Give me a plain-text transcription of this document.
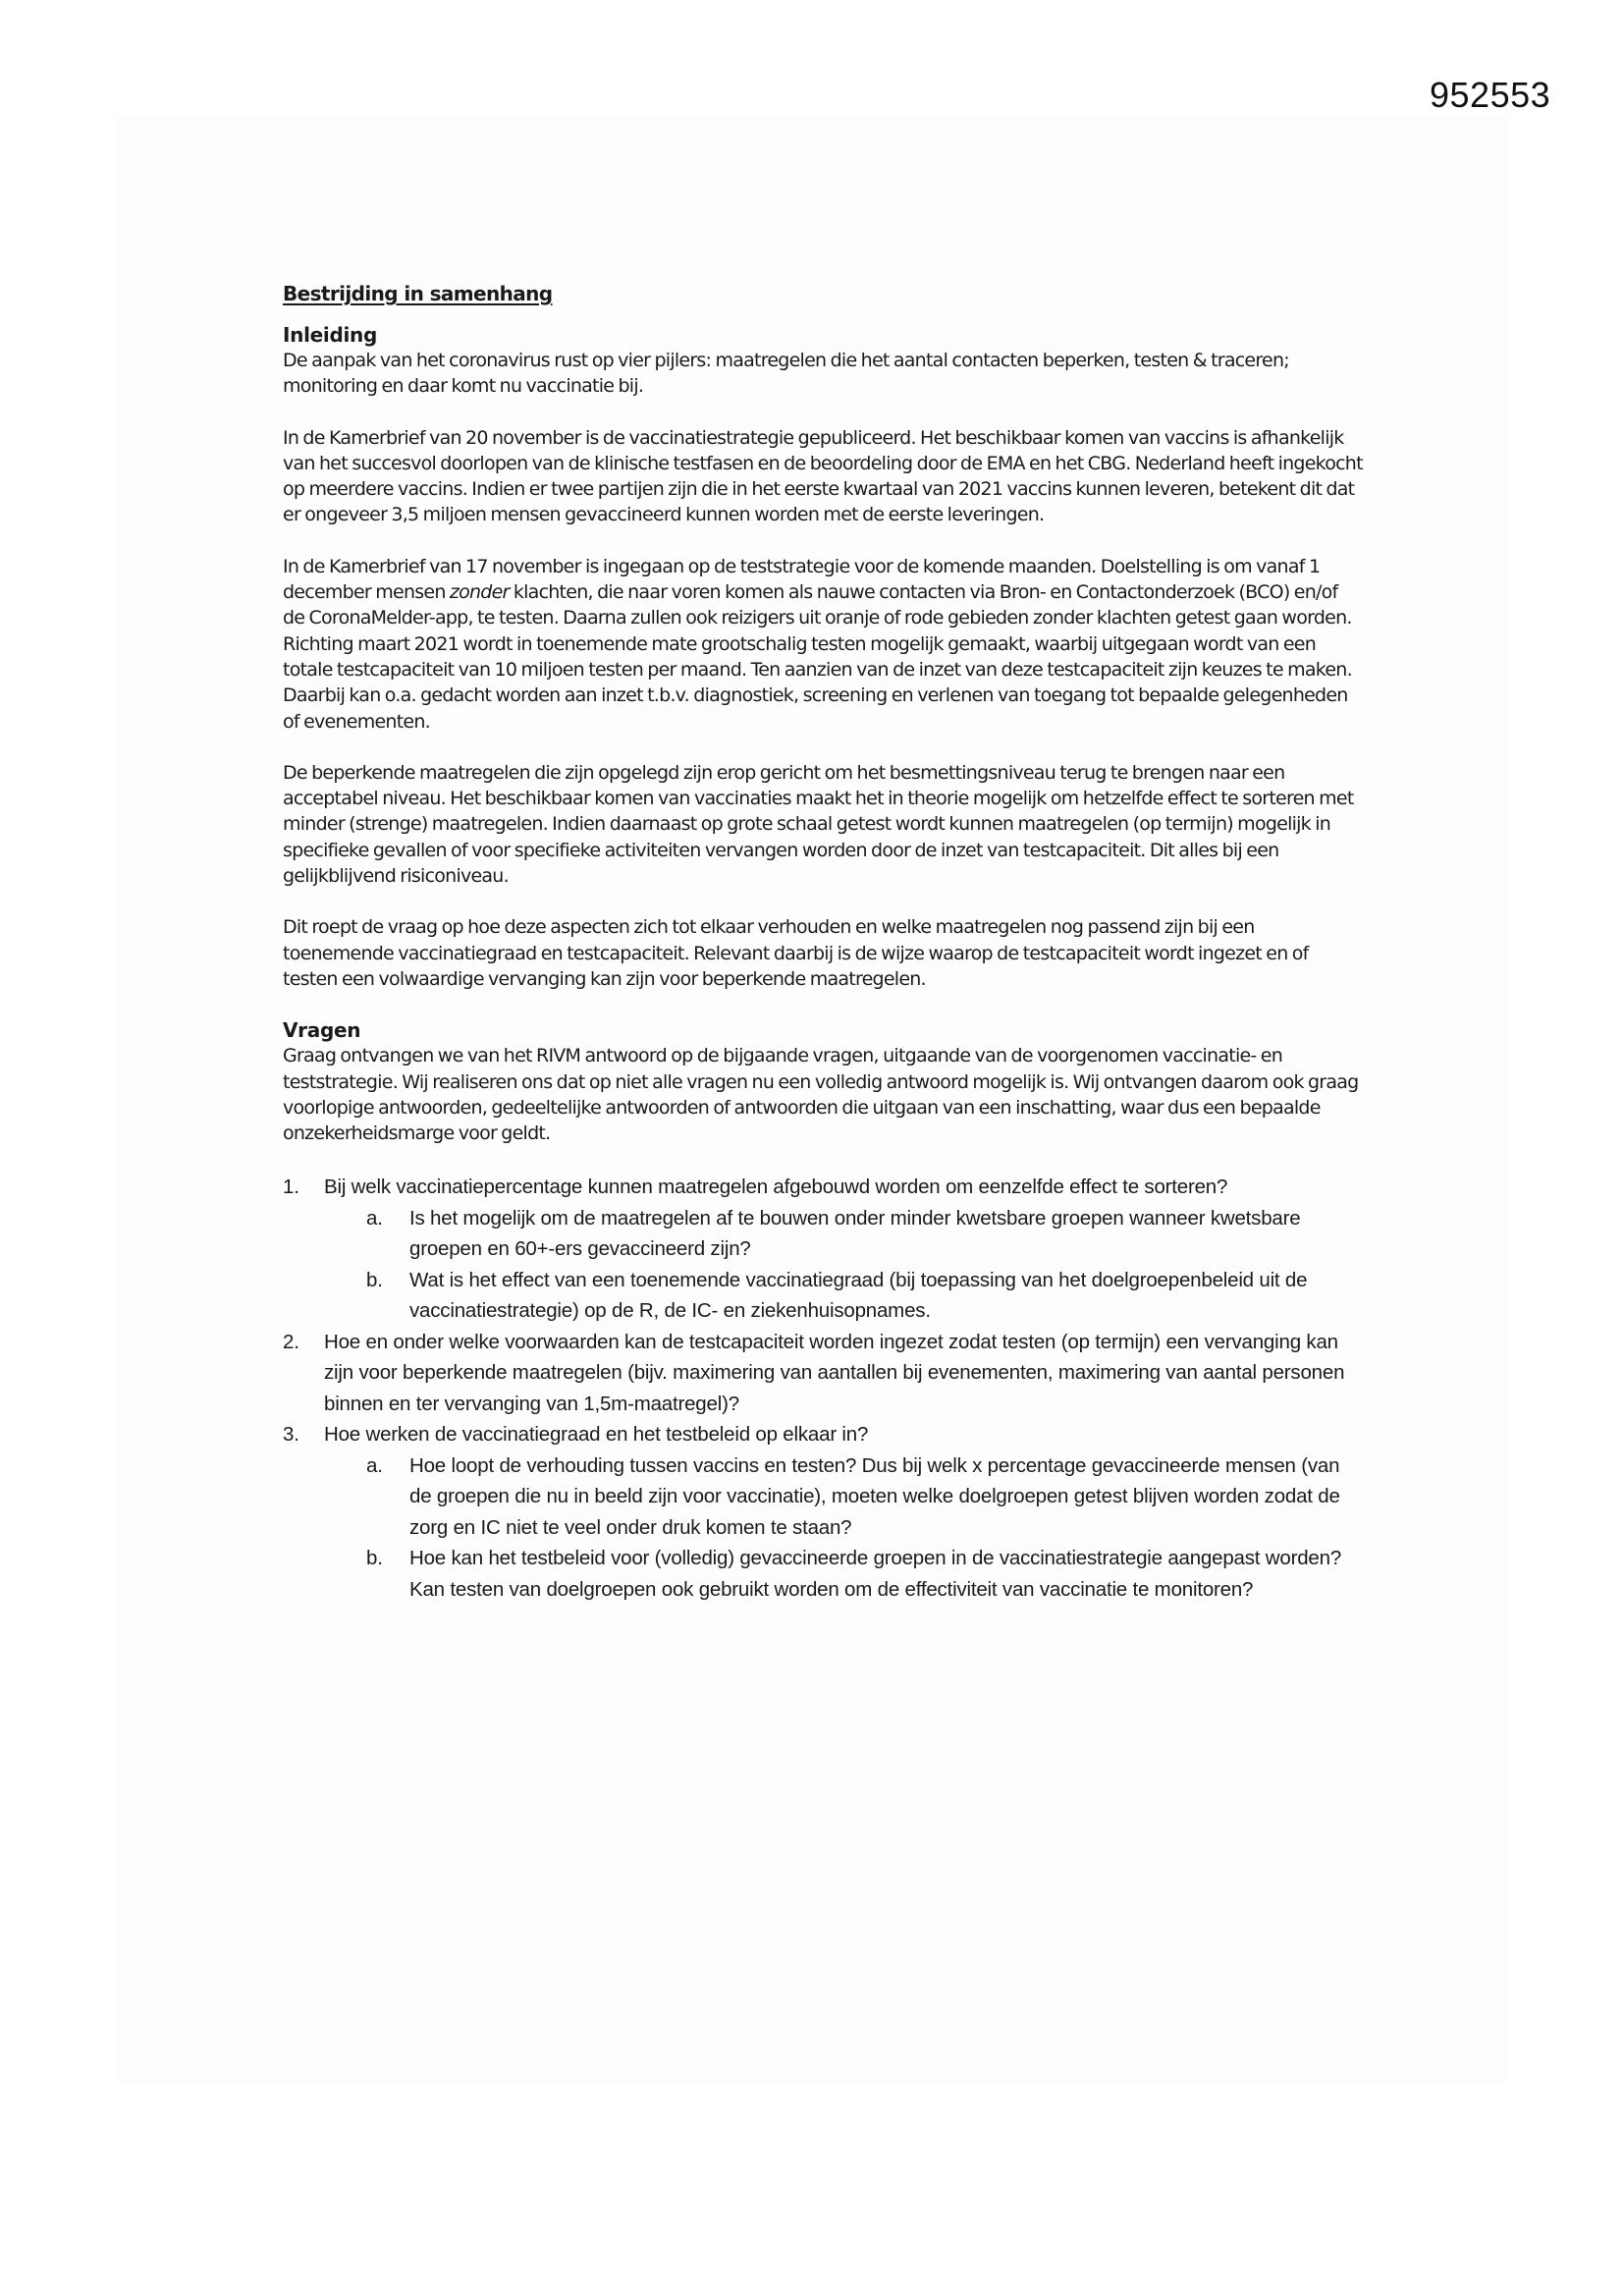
952553
Bestrijding in samenhang
Inleiding

De aanpak van het coronavirus rust op vier pijlers: maatregelen die het aantal contacten beperken, testen & traceren; monitoring en daar komt nu vaccinatie bij.

In de Kamerbrief van 20 november is de vaccinatiestrategie gepubliceerd. Het beschikbaar komen van vaccins is afhankelijk van het succesvol doorlopen van de klinische testfasen en de beoordeling door de EMA en het CBG. Nederland heeft ingekocht op meerdere vaccins. Indien er twee partijen zijn die in het eerste kwartaal van 2021 vaccins kunnen leveren, betekent dit dat er ongeveer 3,5 miljoen mensen gevaccineerd kunnen worden met de eerste leveringen.

In de Kamerbrief van 17 november is ingegaan op de teststrategie voor de komende maanden. Doelstelling is om vanaf 1 december mensen zonder klachten, die naar voren komen als nauwe contacten via Bron- en Contactonderzoek (BCO) en/of de CoronaMelder-app, te testen. Daarna zullen ook reizigers uit oranje of rode gebieden zonder klachten getest gaan worden. Richting maart 2021 wordt in toenemende mate grootschalig testen mogelijk gemaakt, waarbij uitgegaan wordt van een totale testcapaciteit van 10 miljoen testen per maand. Ten aanzien van de inzet van deze testcapaciteit zijn keuzes te maken. Daarbij kan o.a. gedacht worden aan inzet t.b.v. diagnostiek, screening en verlenen van toegang tot bepaalde gelegenheden of evenementen.

De beperkende maatregelen die zijn opgelegd zijn erop gericht om het besmettingsniveau terug te brengen naar een acceptabel niveau. Het beschikbaar komen van vaccinaties maakt het in theorie mogelijk om hetzelfde effect te sorteren met minder (strenge) maatregelen. Indien daarnaast op grote schaal getest wordt kunnen maatregelen (op termijn) mogelijk in specifieke gevallen of voor specifieke activiteiten vervangen worden door de inzet van testcapaciteit. Dit alles bij een gelijkblijvend risiconiveau.

Dit roept de vraag op hoe deze aspecten zich tot elkaar verhouden en welke maatregelen nog passend zijn bij een toenemende vaccinatiegraad en testcapaciteit. Relevant daarbij is de wijze waarop de testcapaciteit wordt ingezet en of testen een volwaardige vervanging kan zijn voor beperkende maatregelen.

Vragen

Graag ontvangen we van het RIVM antwoord op de bijgaande vragen, uitgaande van de voorgenomen vaccinatie- en teststrategie. Wij realiseren ons dat op niet alle vragen nu een volledig antwoord mogelijk is. Wij ontvangen daarom ook graag voorlopige antwoorden, gedeeltelijke antwoorden of antwoorden die uitgaan van een inschatting, waar dus een bepaalde onzekerheidsmarge voor geldt.

1.	Bij welk vaccinatiepercentage kunnen maatregelen afgebouwd worden om eenzelfde effect te sorteren?
a.	Is het mogelijk om de maatregelen af te bouwen onder minder kwetsbare groepen wanneer kwetsbare groepen en 60+-ers gevaccineerd zijn?
b.	Wat is het effect van een toenemende vaccinatiegraad (bij toepassing van het doelgroepenbeleid uit de vaccinatiestrategie) op de R, de IC- en ziekenhuisopnames.
2.	Hoe en onder welke voorwaarden kan de testcapaciteit worden ingezet zodat testen (op termijn) een vervanging kan zijn voor beperkende maatregelen (bijv. maximering van aantallen bij evenementen, maximering van aantal personen binnen en ter vervanging van 1,5m-maatregel)?
3.	Hoe werken de vaccinatiegraad en het testbeleid op elkaar in?
a.	Hoe loopt de verhouding tussen vaccins en testen? Dus bij welk x percentage gevaccineerde mensen (van de groepen die nu in beeld zijn voor vaccinatie), moeten welke doelgroepen getest blijven worden zodat de zorg en IC niet te veel onder druk komen te staan?
b.	Hoe kan het testbeleid voor (volledig) gevaccineerde groepen in de vaccinatiestrategie aangepast worden? Kan testen van doelgroepen ook gebruikt worden om de effectiviteit van vaccinatie te monitoren?
